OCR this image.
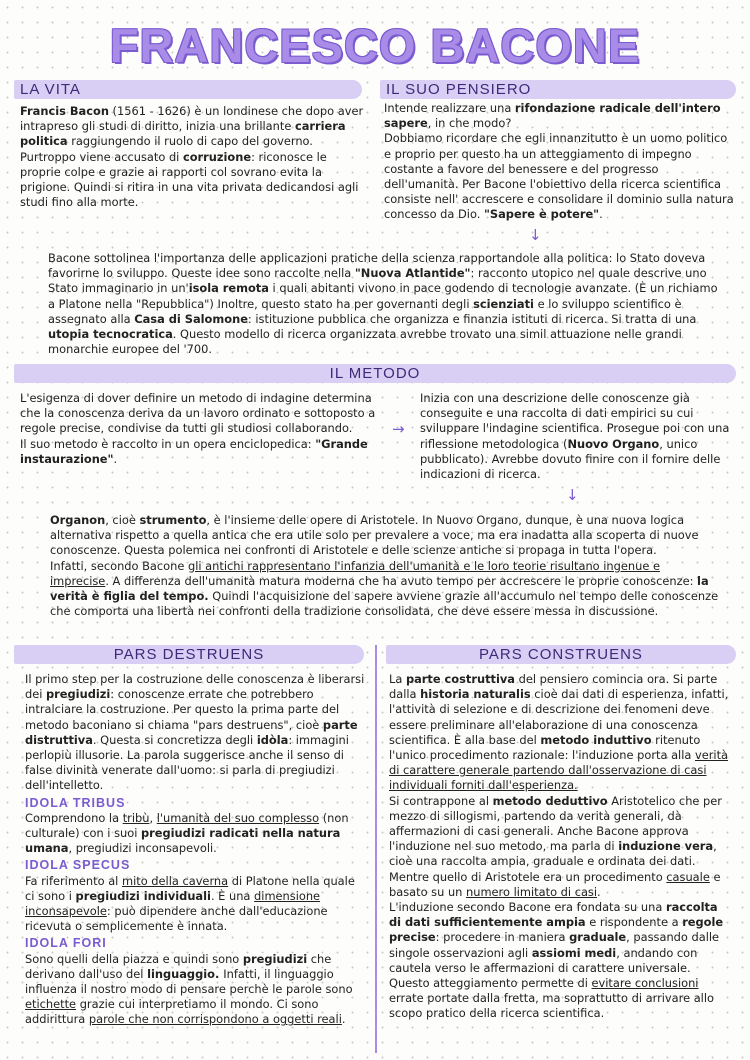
FRANCESCO BACONE
LA VITA
Francis Bacon (1561 - 1626) è un londinese che dopo aver intrapreso gli studi di diritto, inizia una brillante carriera politica raggiungendo il ruolo di capo del governo.
Purtroppo viene accusato di corruzione: riconosce le proprie colpe e grazie ai rapporti col sovrano evita la prigione. Quindi si ritira in una vita privata dedicandosi agli studi fino alla morte.
IL SUO PENSIERO
Intende realizzare una rifondazione radicale dell'intero sapere, in che modo?
Dobbiamo ricordare che egli innanzitutto è un uomo politico e proprio per questo ha un atteggiamento di impegno costante a favore del benessere e del progresso dell'umanità. Per Bacone l'obiettivo della ricerca scientifica consiste nell' accrescere e consolidare il dominio sulla natura concesso da Dio. "Sapere è potere".
↓
Bacone sottolinea l'importanza delle applicazioni pratiche della scienza rapportandole alla politica: lo Stato doveva favorirne lo sviluppo. Queste idee sono raccolte nella "Nuova Atlantide": racconto utopico nel quale descrive uno Stato immaginario in un'isola remota i quali abitanti vivono in pace godendo di tecnologie avanzate. (È un richiamo a Platone nella "Repubblica") Inoltre, questo stato ha per governanti degli scienziati e lo sviluppo scientifico è assegnato alla Casa di Salomone: istituzione pubblica che organizza e finanzia istituti di ricerca. Si tratta di una utopia tecnocratica. Questo modello di ricerca organizzata avrebbe trovato una simil attuazione nelle grandi monarchie europee del '700.
IL METODO
L'esigenza di dover definire un metodo di indagine determina che la conoscenza deriva da un lavoro ordinato e sottoposto a regole precise, condivise da tutti gli studiosi collaborando.
Il suo metodo è raccolto in un opera enciclopedica: "Grande instaurazione".
→
Inizia con una descrizione delle conoscenze già conseguite e una raccolta di dati empirici su cui sviluppare l'indagine scientifica. Prosegue poi con una riflessione metodologica (Nuovo Organo, unico pubblicato). Avrebbe dovuto finire con il fornire delle indicazioni di ricerca.
↓
Organon, cioè strumento, è l'insieme delle opere di Aristotele. In Nuovo Organo, dunque, è una nuova logica alternativa rispetto a quella antica che era utile solo per prevalere a voce, ma era inadatta alla scoperta di nuove conoscenze. Questa polemica nei confronti di Aristotele e delle scienze antiche si propaga in tutta l'opera.
Infatti, secondo Bacone gli antichi rappresentano l'infanzia dell'umanità e le loro teorie risultano ingenue e imprecise. A differenza dell'umanità matura moderna che ha avuto tempo per accrescere le proprie conoscenze: la verità è figlia del tempo. Quindi l'acquisizione del sapere avviene grazie all'accumulo nel tempo delle conoscenze che comporta una libertà nei confronti della tradizione consolidata, che deve essere messa in discussione.
PARS DESTRUENS
Il primo step per la costruzione delle conoscenza è liberarsi dei pregiudizi: conoscenze errate che potrebbero intralciare la costruzione. Per questo la prima parte del metodo baconiano si chiama "pars destruens", cioè parte distruttiva. Questa si concretizza degli idòla: immagini perlopiù illusorie. La parola suggerisce anche il senso di false divinità venerate dall'uomo: si parla di pregiudizi dell'intelletto.
IDOLA TRIBUS
Comprendono la tribù, l'umanità del suo complesso (non culturale) con i suoi pregiudizi radicati nella natura umana, pregiudizi inconsapevoli.
IDOLA SPECUS
Fa riferimento al mito della caverna di Platone nella quale ci sono i pregiudizi individuali. È una dimensione inconsapevole: può dipendere anche dall'educazione ricevuta o semplicemente è innata.
IDOLA FORI
Sono quelli della piazza e quindi sono pregiudizi che derivano dall'uso del linguaggio. Infatti, il linguaggio influenza il nostro modo di pensare perchè le parole sono etichette grazie cui interpretiamo il mondo. Ci sono addirittura parole che non corrispondono a oggetti reali.
PARS CONSTRUENS
La parte costruttiva del pensiero comincia ora. Si parte dalla historia naturalis cioè dai dati di esperienza, infatti, l'attività di selezione e di descrizione dei fenomeni deve essere preliminare all'elaborazione di una conoscenza scientifica. È alla base del metodo induttivo ritenuto l'unico procedimento razionale: l'induzione porta alla verità di carattere generale partendo dall'osservazione di casi individuali forniti dall'esperienza.
Si contrappone al metodo deduttivo Aristotelico che per mezzo di sillogismi, partendo da verità generali, dà affermazioni di casi generali. Anche Bacone approva l'induzione nel suo metodo, ma parla di induzione vera, cioè una raccolta ampia, graduale e ordinata dei dati. Mentre quello di Aristotele era un procedimento casuale e basato su un numero limitato di casi.
L'induzione secondo Bacone era fondata su una raccolta di dati sufficientemente ampia e rispondente a regole precise: procedere in maniera graduale, passando dalle singole osservazioni agli assiomi medi, andando con cautela verso le affermazioni di carattere universale. Questo atteggiamento permette di evitare conclusioni errate portate dalla fretta, ma soprattutto di arrivare allo scopo pratico della ricerca scientifica.
